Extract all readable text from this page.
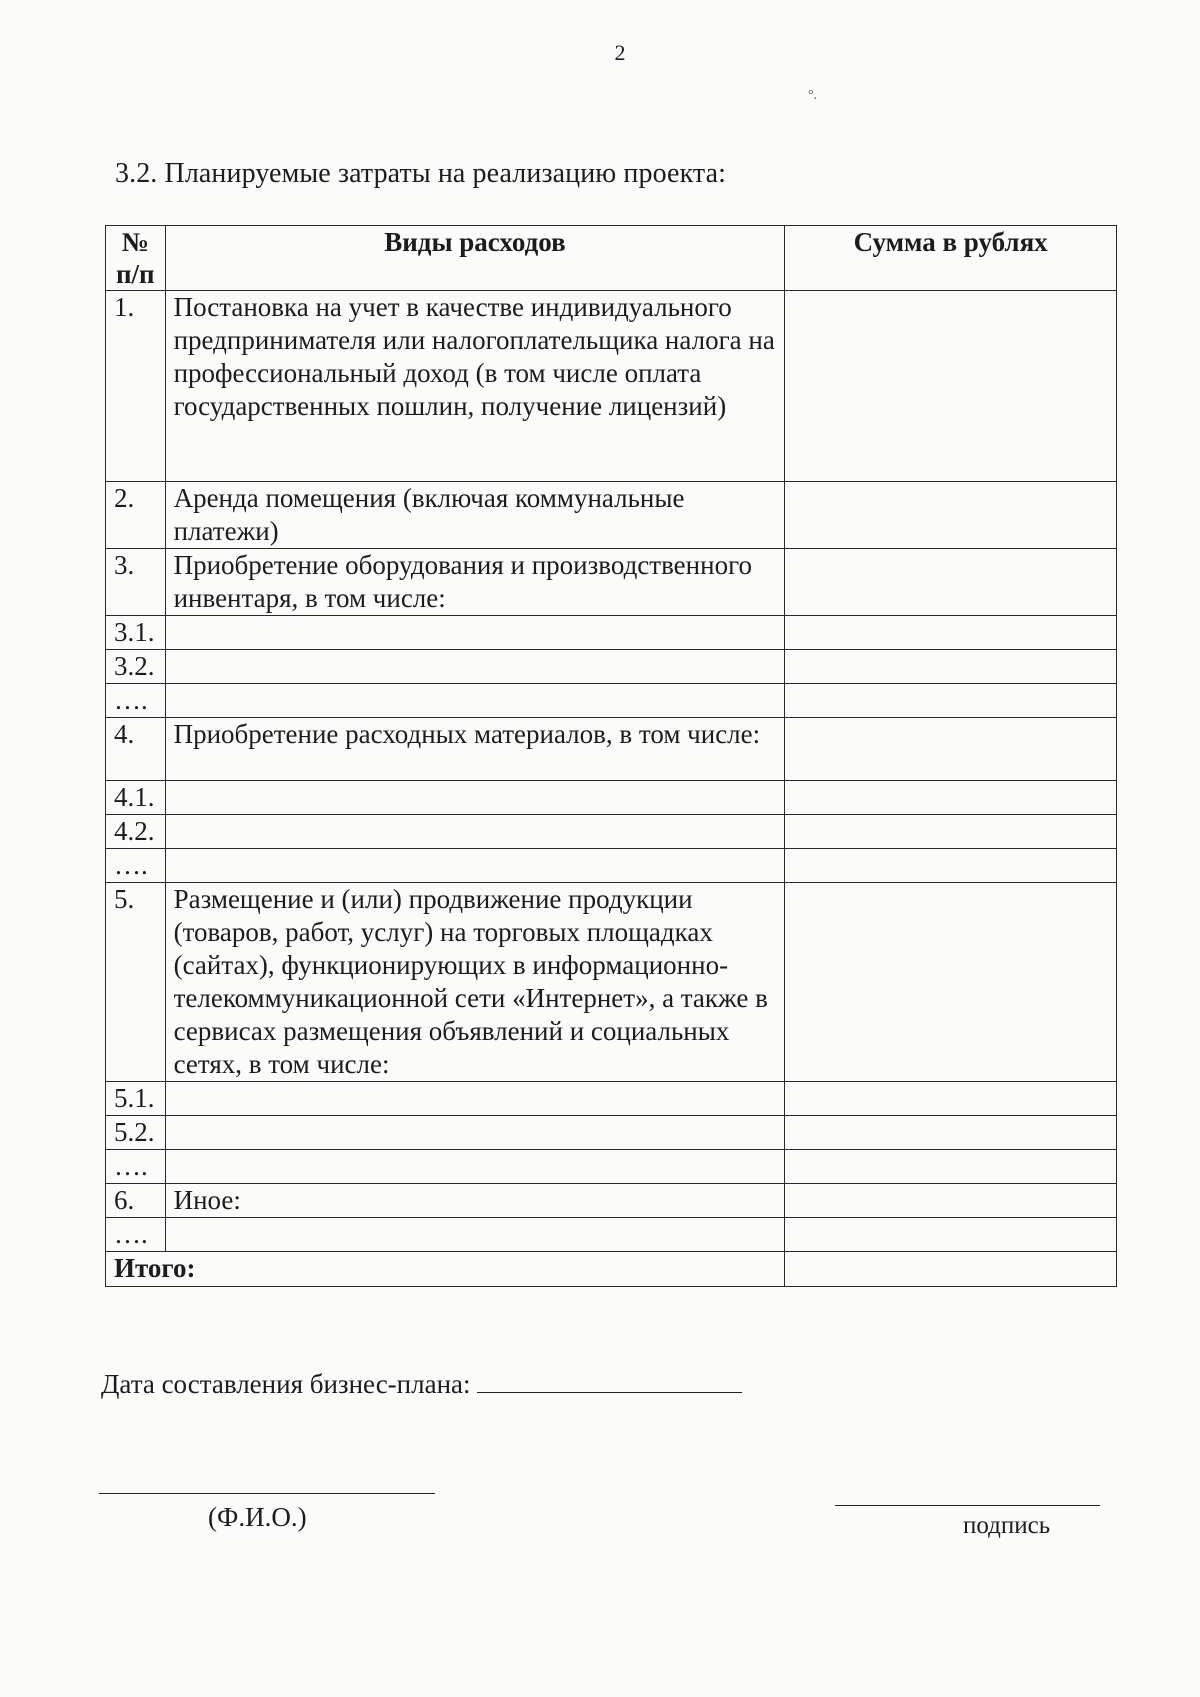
2
°.
3.2. Планируемые затраты на реализацию проекта:
№ п/п	Виды расходов	Сумма в рублях
1.	Постановка на учет в качестве индивидуального предпринимателя или налогоплательщика налога на профессиональный доход (в том числе оплата государственных пошлин, получение лицензий)	
2.	Аренда помещения (включая коммунальные платежи)	
3.	Приобретение оборудования и производственного инвентаря, в том числе:	
3.1.		
3.2.		
….		
4.	Приобретение расходных материалов, в том числе:	
4.1.		
4.2.		
….		
5.	Размещение и (или) продвижение продукции (товаров, работ, услуг) на торговых площадках (сайтах), функционирующих в информационно-телекоммуникационной сети «Интернет», а также в сервисах размещения объявлений и социальных сетях, в том числе:	
5.1.		
5.2.		
….		
6.	Иное:	
….		
Итого:		
Дата составления бизнес-плана:
(Ф.И.О.)	подпись
